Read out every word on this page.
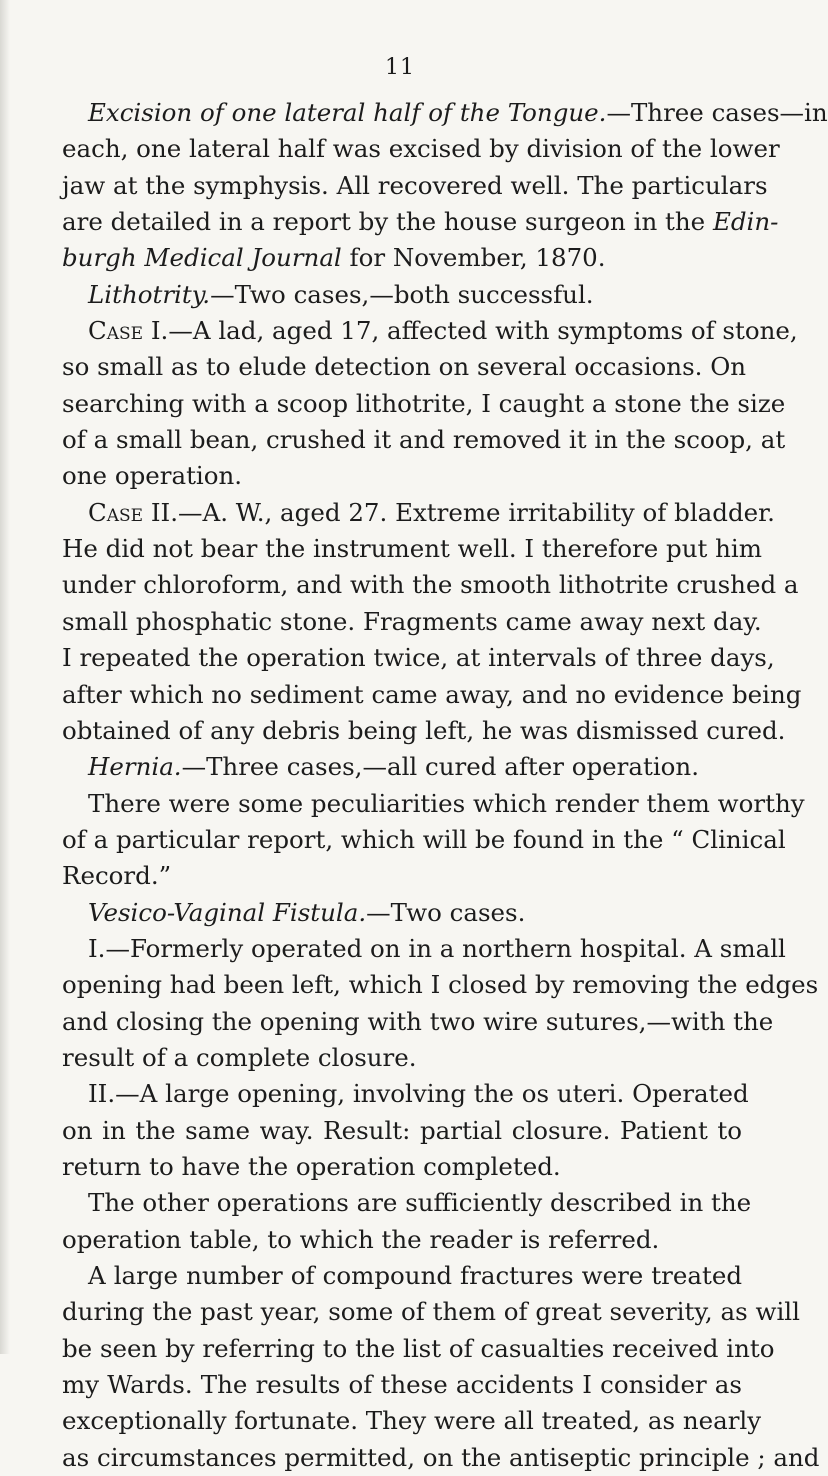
11
Excision of one lateral half of the Tongue.—Three cases—in
each, one lateral half was excised by division of the lower
jaw at the symphysis. All recovered well. The particulars
are detailed in a report by the house surgeon in the Edin-
burgh Medical Journal for November, 1870.
Lithotrity.—Two cases,—both successful.
Case I.—A lad, aged 17, affected with symptoms of stone,
so small as to elude detection on several occasions. On
searching with a scoop lithotrite, I caught a stone the size
of a small bean, crushed it and removed it in the scoop, at
one operation.
Case II.—A. W., aged 27. Extreme irritability of bladder.
He did not bear the instrument well. I therefore put him
under chloroform, and with the smooth lithotrite crushed a
small phosphatic stone. Fragments came away next day.
I repeated the operation twice, at intervals of three days,
after which no sediment came away, and no evidence being
obtained of any debris being left, he was dismissed cured.
Hernia.—Three cases,—all cured after operation.
There were some peculiarities which render them worthy
of a particular report, which will be found in the “ Clinical
Record.”
Vesico-Vaginal Fistula.—Two cases.
I.—Formerly operated on in a northern hospital. A small
opening had been left, which I closed by removing the edges
and closing the opening with two wire sutures,—with the
result of a complete closure.
II.—A large opening, involving the os uteri. Operated
on in the same way. Result: partial closure. Patient to
return to have the operation completed.
The other operations are sufficiently described in the
operation table, to which the reader is referred.
A large number of compound fractures were treated
during the past year, some of them of great severity, as will
be seen by referring to the list of casualties received into
my Wards. The results of these accidents I consider as
exceptionally fortunate. They were all treated, as nearly
as circumstances permitted, on the antiseptic principle ; and
